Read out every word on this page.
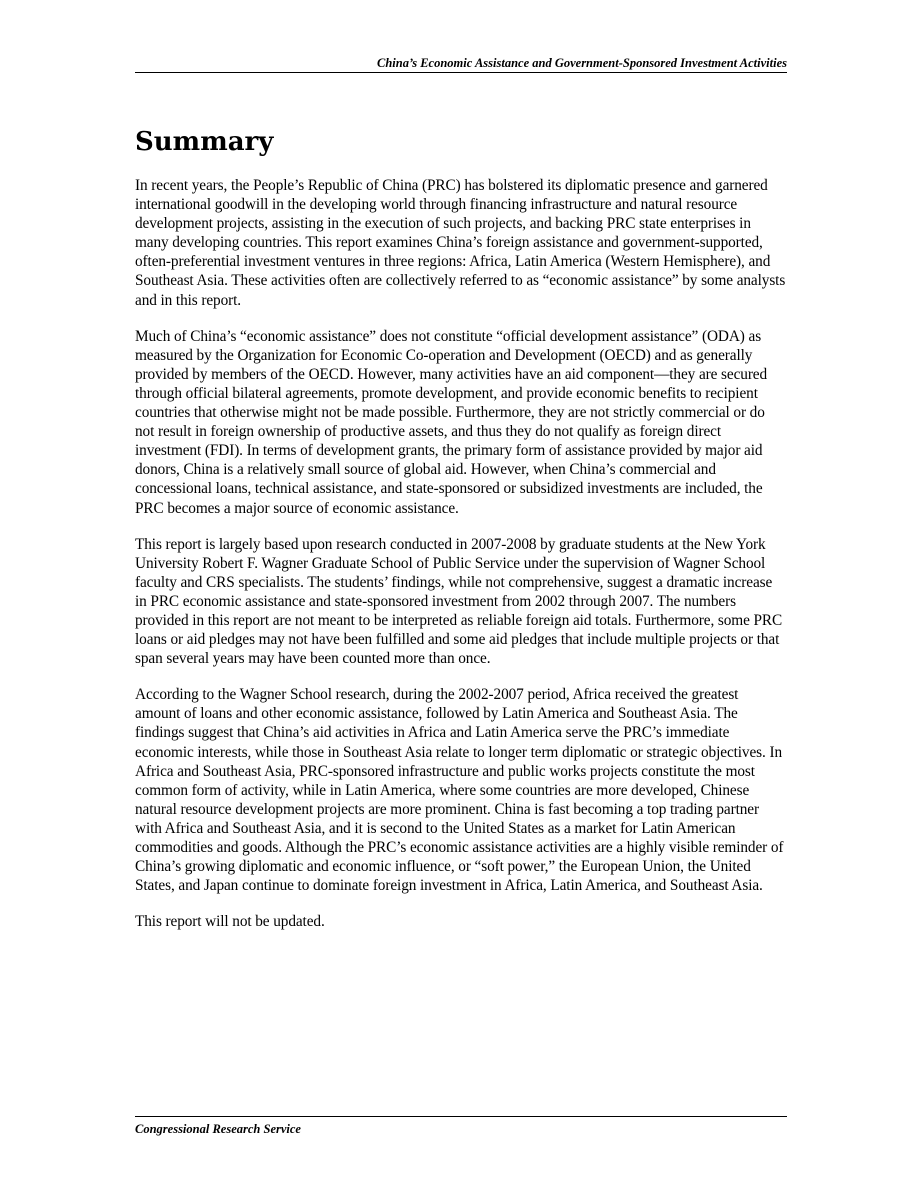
China’s Economic Assistance and Government-Sponsored Investment Activities
Summary

In recent years, the People’s Republic of China (PRC) has bolstered its diplomatic presence and garnered international goodwill in the developing world through financing infrastructure and natural resource development projects, assisting in the execution of such projects, and backing PRC state enterprises in many developing countries. This report examines China’s foreign assistance and government-supported, often-preferential investment ventures in three regions: Africa, Latin America (Western Hemisphere), and Southeast Asia. These activities often are collectively referred to as “economic assistance” by some analysts and in this report.

Much of China’s “economic assistance” does not constitute “official development assistance” (ODA) as measured by the Organization for Economic Co-operation and Development (OECD) and as generally provided by members of the OECD. However, many activities have an aid component—they are secured through official bilateral agreements, promote development, and provide economic benefits to recipient countries that otherwise might not be made possible. Furthermore, they are not strictly commercial or do not result in foreign ownership of productive assets, and thus they do not qualify as foreign direct investment (FDI). In terms of development grants, the primary form of assistance provided by major aid donors, China is a relatively small source of global aid. However, when China’s commercial and concessional loans, technical assistance, and state-sponsored or subsidized investments are included, the PRC becomes a major source of economic assistance.

This report is largely based upon research conducted in 2007-2008 by graduate students at the New York University Robert F. Wagner Graduate School of Public Service under the supervision of Wagner School faculty and CRS specialists. The students’ findings, while not comprehensive, suggest a dramatic increase in PRC economic assistance and state-sponsored investment from 2002 through 2007. The numbers provided in this report are not meant to be interpreted as reliable foreign aid totals. Furthermore, some PRC loans or aid pledges may not have been fulfilled and some aid pledges that include multiple projects or that span several years may have been counted more than once.

According to the Wagner School research, during the 2002-2007 period, Africa received the greatest amount of loans and other economic assistance, followed by Latin America and Southeast Asia. The findings suggest that China’s aid activities in Africa and Latin America serve the PRC’s immediate economic interests, while those in Southeast Asia relate to longer term diplomatic or strategic objectives. In Africa and Southeast Asia, PRC-sponsored infrastructure and public works projects constitute the most common form of activity, while in Latin America, where some countries are more developed, Chinese natural resource development projects are more prominent. China is fast becoming a top trading partner with Africa and Southeast Asia, and it is second to the United States as a market for Latin American commodities and goods. Although the PRC’s economic assistance activities are a highly visible reminder of China’s growing diplomatic and economic influence, or “soft power,” the European Union, the United States, and Japan continue to dominate foreign investment in Africa, Latin America, and Southeast Asia.

This report will not be updated.

Congressional Research Service
